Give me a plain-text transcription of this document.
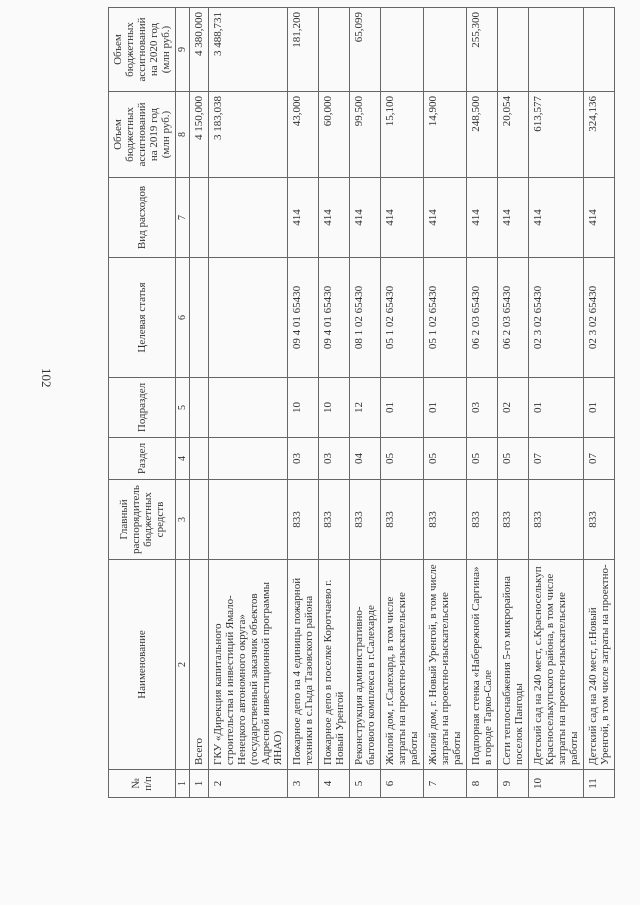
102
№ п/п	Наименование	Главный распорядитель бюджетных средств	Раздел	Подраздел	Целевая статья	Вид расходов	Объем бюджетных ассигнований на 2019 год (млн руб.)	Объем бюджетных ассигнований на 2020 год (млн руб.)
1	2	3	4	5	6	7	8	9
1	Всего						4 150,000	4 380,000
2	ГКУ «Дирекция капитального строительства и инвестиций Ямало-Ненецкого автономного округа» (государственный заказчик объектов Адресной инвестиционной программы ЯНАО)						3 183,038	3 488,731
3	Пожарное депо на 4 единицы пожарной техники в с.Гыда Тазовского района	833	03	10	09 4 01 65430	414	43,000	181,200
4	Пожарное депо в поселке Коротчаево г. Новый Уренгой	833	03	10	09 4 01 65430	414	60,000	
5	Реконструкция административно-бытового комплекса в г.Салехарде	833	04	12	08 1 02 65430	414	99,500	65,099
6	Жилой дом, г.Салехард, в том числе затраты на проектно-изыскательские работы	833	05	01	05 1 02 65430	414	15,100	
7	Жилой дом, г. Новый Уренгой, в том числе затраты на проектно-изыскательские работы	833	05	01	05 1 02 65430	414	14,900	
8	Подпорная стенка «Набережной Саргина» в городе Тарко-Сале	833	05	03	06 2 03 65430	414	248,500	255,300
9	Сети теплоснабжения 5-го микрорайона поселок Пангоды	833	05	02	06 2 03 65430	414	20,054	
10	Детский сад на 240 мест, с.Красноселькуп Красноселькупского района, в том числе затраты на проектно-изыскательские работы	833	07	01	02 3 02 65430	414	613,577	
11	Детский сад на 240 мест, г.Новый Уренгой, в том числе затраты на проектно-	833	07	01	02 3 02 65430	414	324,136	
